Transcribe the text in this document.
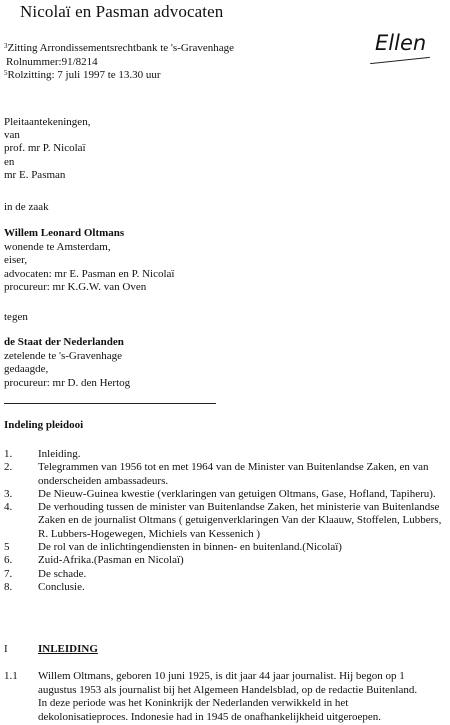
Nicolaï en Pasman advocaten
Ellen
$^3$Zitting Arrondissementsrechtbank te 's-Gravenhage
Rolnummer:91/8214
$^5$Rolzitting: 7 juli 1997 te 13.30 uur
Pleitaantekeningen,
van
prof. mr P. Nicolaï
en
mr E. Pasman
in de zaak
Willem Leonard Oltmans
wonende te Amsterdam,
eiser,
advocaten: mr E. Pasman en P. Nicolaï
procureur: mr K.G.W. van Oven
tegen
de Staat der Nederlanden
zetelende te 's-Gravenhage
gedaagde,
procureur: mr D. den Hertog
Indeling pleidooi
1.	Inleiding.
2.	Telegrammen van 1956 tot en met 1964 van de Minister van Buitenlandse Zaken, en van onderscheiden ambassadeurs.
3.	De Nieuw-Guinea kwestie (verklaringen van getuigen Oltmans, Gase, Hofland, Tapiheru).
4.	De verhouding tussen de minister van Buitenlandse Zaken, het ministerie van Buitenlandse Zaken en de journalist Oltmans ( getuigenverklaringen Van der Klaauw, Stoffelen, Lubbers, R. Lubbers-Hogewegen, Michiels van Kessenich )
5	De rol van de inlichtingendiensten in binnen- en buitenland.(Nicolaï)
6.	Zuid-Afrika.(Pasman en Nicolaï)
7.	De schade.
8.	Conclusie.
I	INLEIDING
1.1 Willem Oltmans, geboren 10 juni 1925, is dit jaar 44 jaar journalist. Hij begon op 1
augustus 1953 als journalist bij het Algemeen Handelsblad, op de redactie Buitenland.
In deze periode was het Koninkrijk der Nederlanden verwikkeld in het
dekolonisatieproces. Indonesie had in 1945 de onafhankelijkheid uitgeroepen.
